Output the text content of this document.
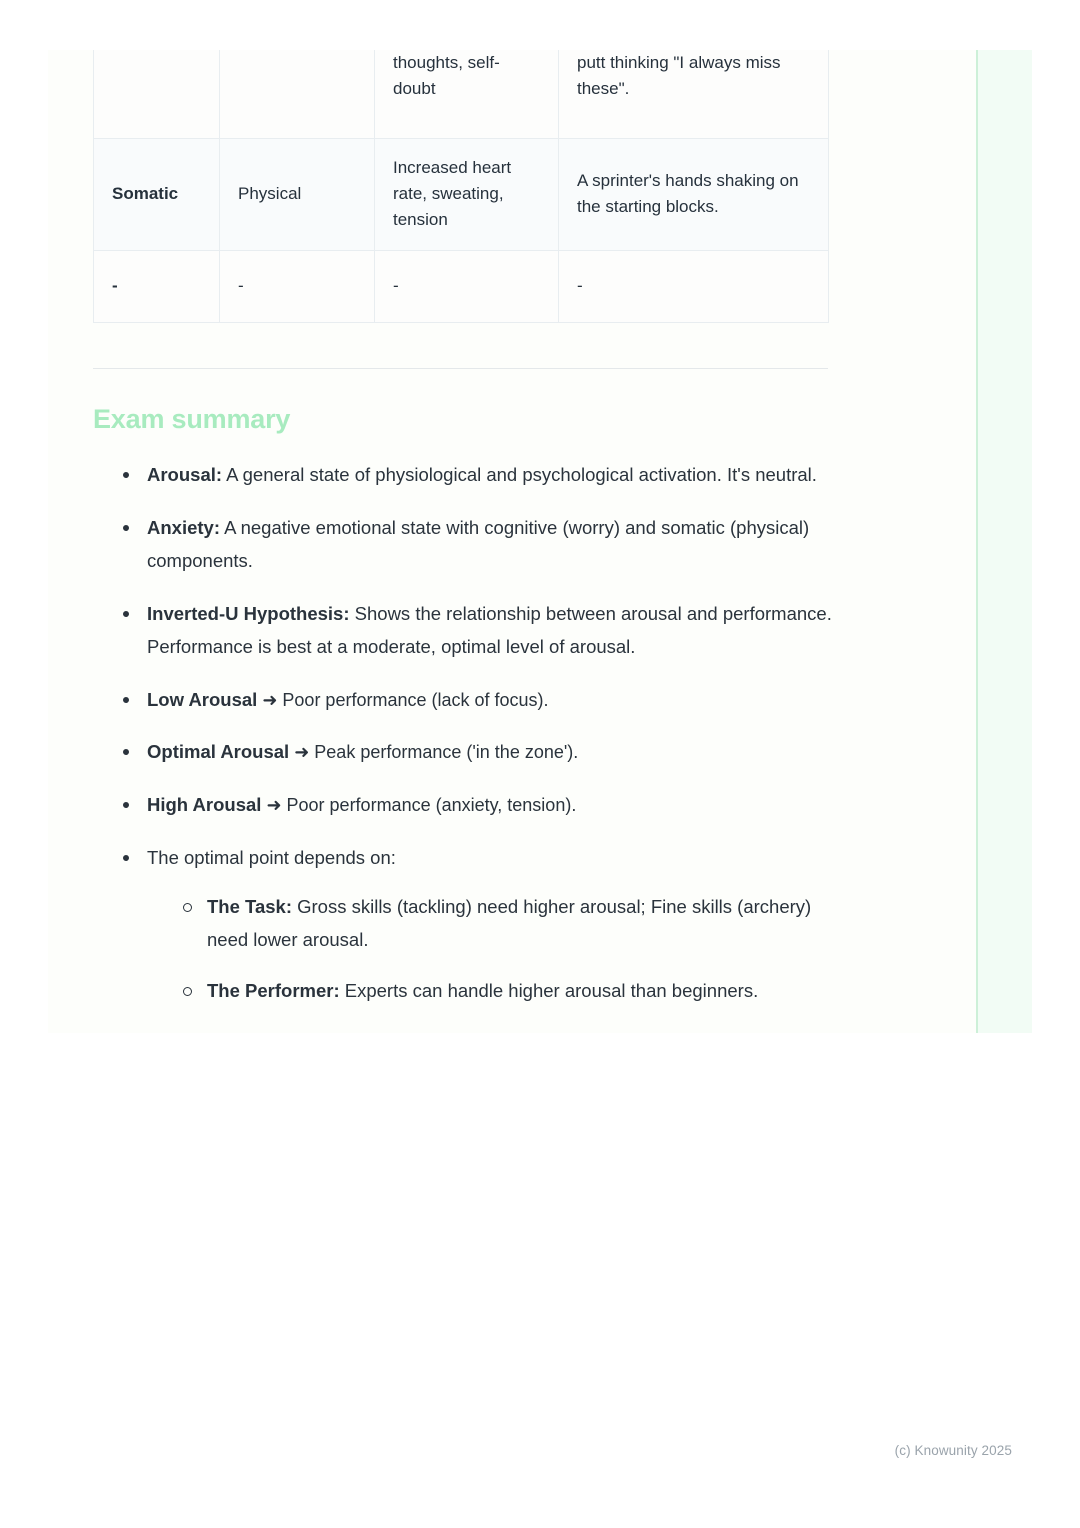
		thoughts, self-doubt	putt thinking "I always miss these".
Somatic	Physical	Increased heart rate, sweating, tension	A sprinter's hands shaking on the starting blocks.
-	-	-	-
Exam summary
Arousal: A general state of physiological and psychological activation. It's neutral.
Anxiety: A negative emotional state with cognitive (worry) and somatic (physical) components.
Inverted-U Hypothesis: Shows the relationship between arousal and performance. Performance is best at a moderate, optimal level of arousal.
Low Arousal ➜ Poor performance (lack of focus).
Optimal Arousal ➜ Peak performance ('in the zone').
High Arousal ➜ Poor performance (anxiety, tension).
The optimal point depends on:
The Task: Gross skills (tackling) need higher arousal; Fine skills (archery) need lower arousal.
The Performer: Experts can handle higher arousal than beginners.
(c) Knowunity 2025
